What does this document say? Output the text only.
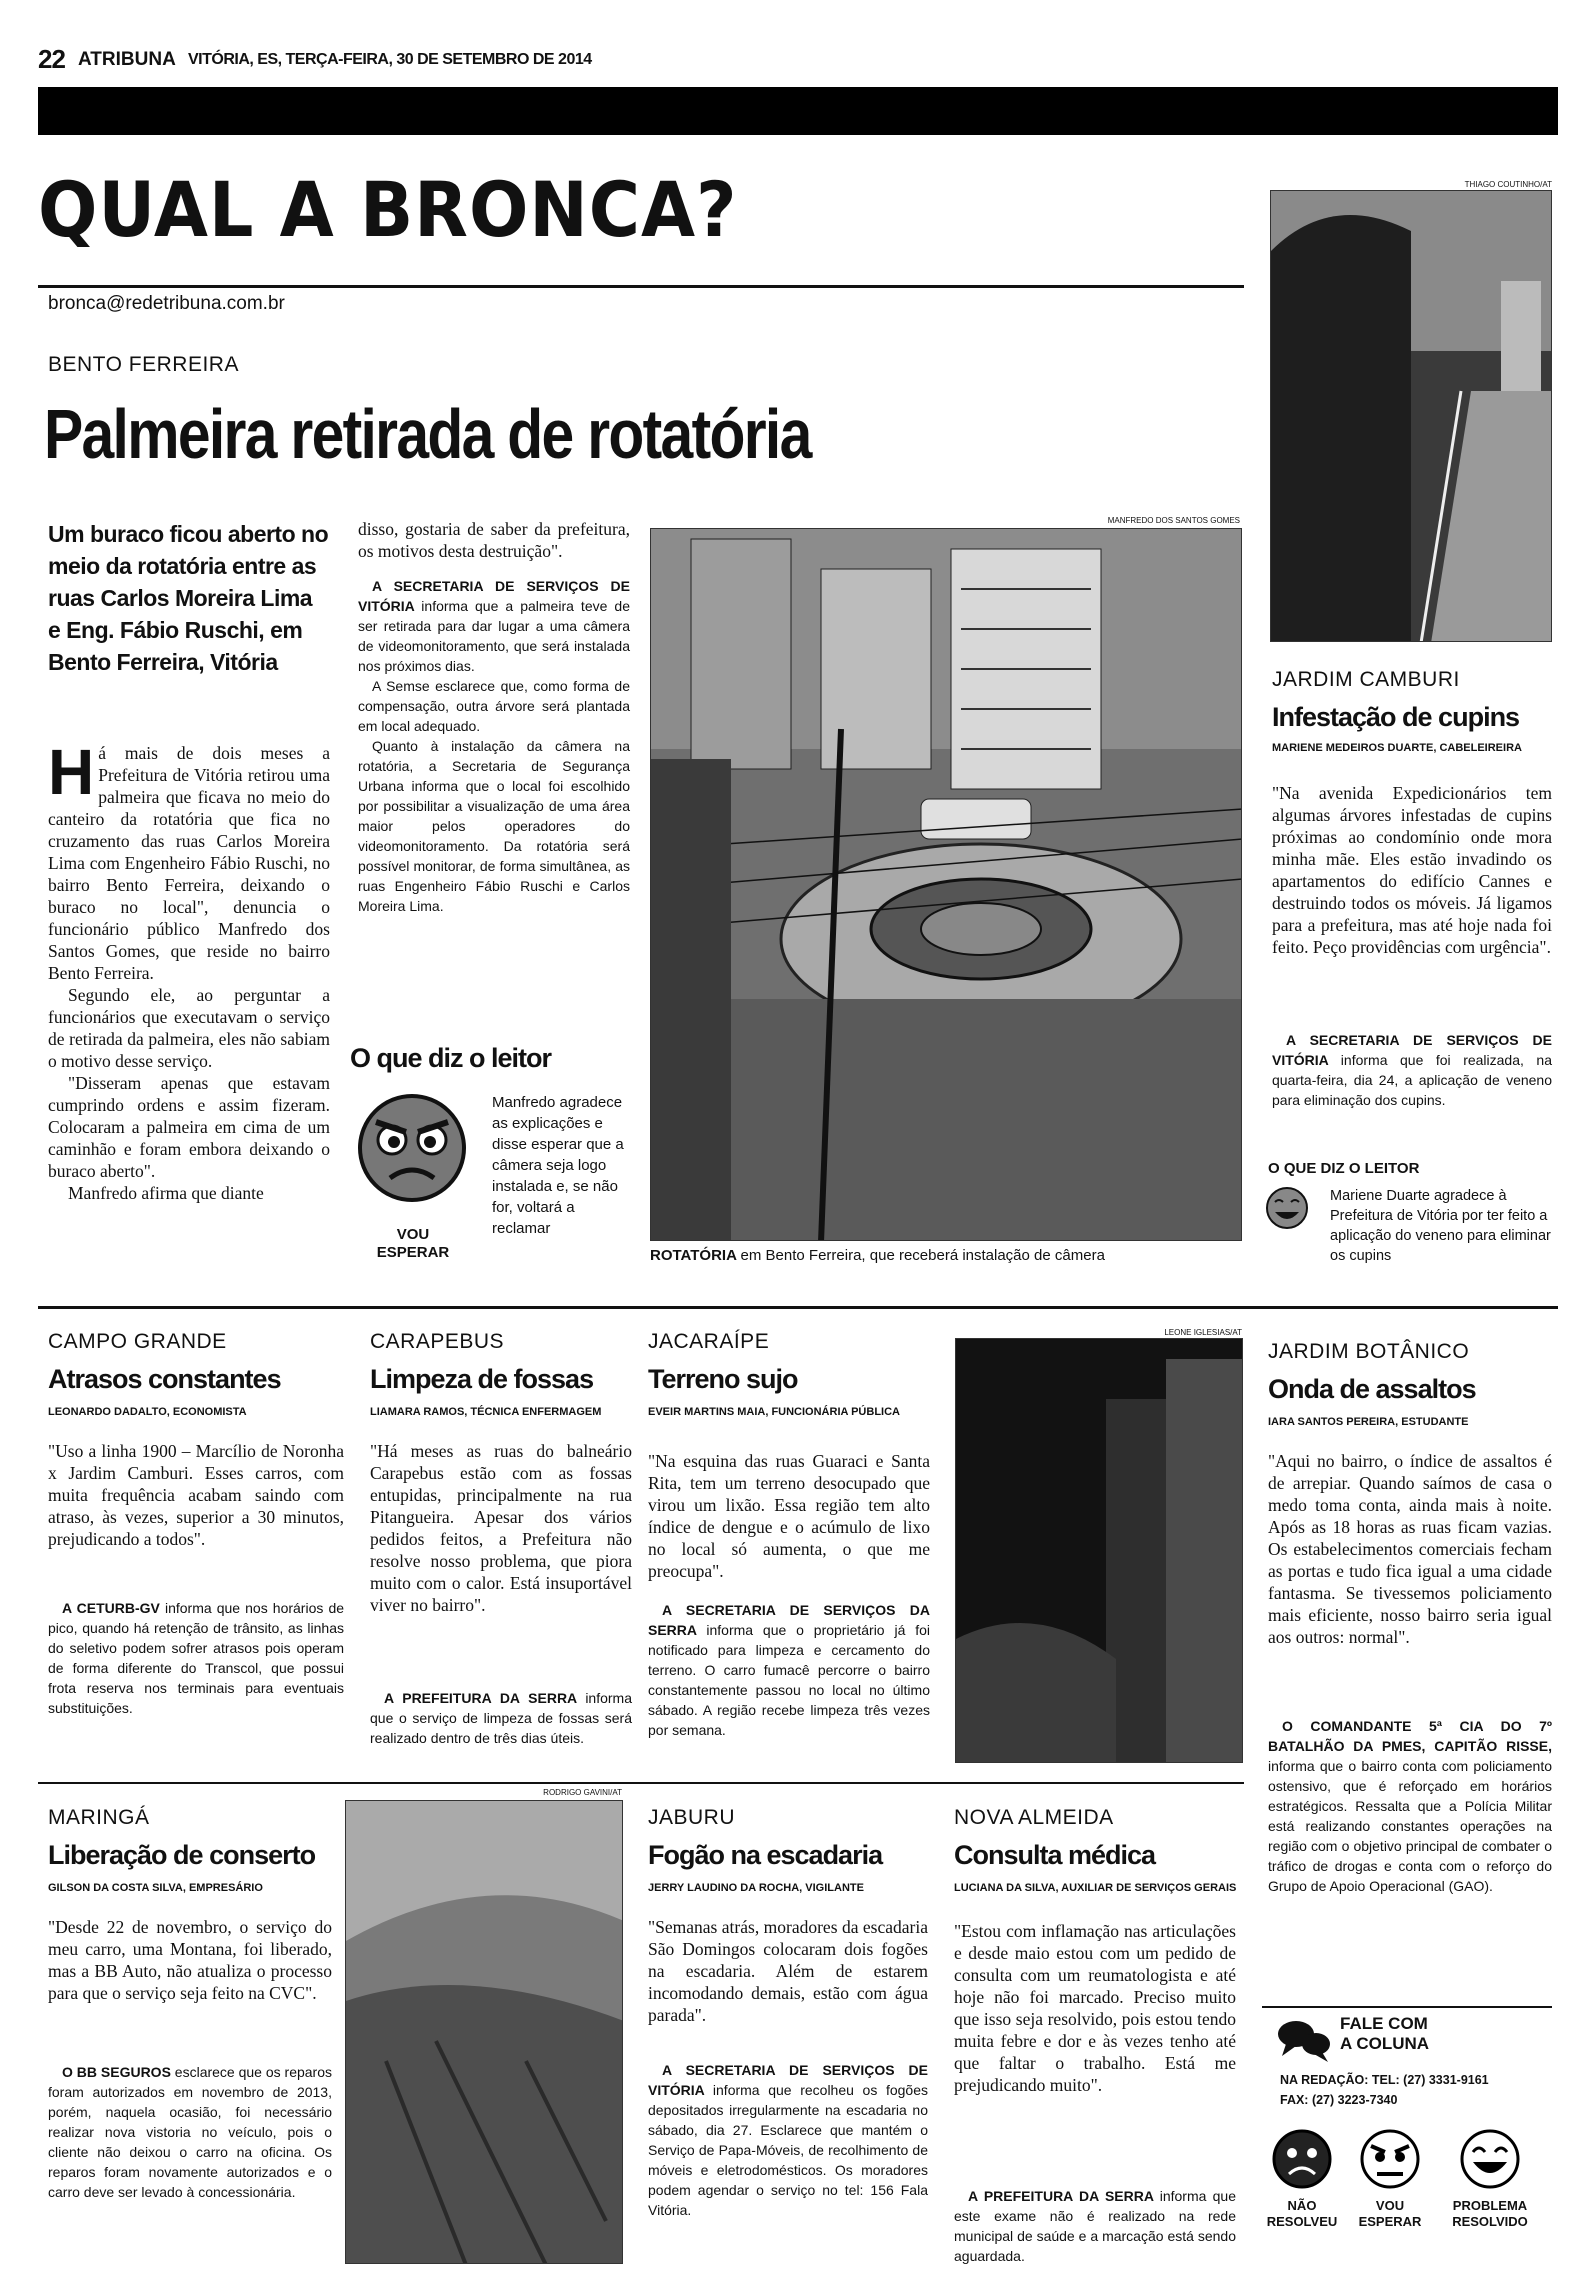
22 ATRIBUNA VITÓRIA, ES, TERÇA-FEIRA, 30 DE SETEMBRO DE 2014
QUAL A BRONCA?
bronca@redetribuna.com.br
BENTO FERREIRA
Palmeira retirada de rotatória
Um buraco ficou aberto no meio da rotatória entre as ruas Carlos Moreira Lima e Eng. Fábio Ruschi, em Bento Ferreira, Vitória

H á mais de dois meses a Prefeitura de Vitória retirou uma palmeira que ficava no meio do canteiro da rotatória que fica no cruzamento das ruas Carlos Moreira Lima com Engenheiro Fábio Ruschi, no bairro Bento Ferreira, deixando o buraco no local", denuncia o funcionário público Manfredo dos Santos Gomes, que reside no bairro Bento Ferreira.

Segundo ele, ao perguntar a funcionários que executavam o serviço de retirada da palmeira, eles não sabiam o motivo desse serviço.

"Disseram apenas que estavam cumprindo ordens e assim fizeram. Colocaram a palmeira em cima de um caminhão e foram embora deixando o buraco aberto".

Manfredo afirma que diante

disso, gostaria de saber da prefeitura, os motivos desta destruição".

A SECRETARIA DE SERVIÇOS DE VITÓRIA informa que a palmeira teve de ser retirada para dar lugar a uma câmera de videomonitoramento, que será instalada nos próximos dias.

A Semse esclarece que, como forma de compensação, outra árvore será plantada em local adequado.

Quanto à instalação da câmera na rotatória, a Secretaria de Segurança Urbana informa que o local foi escolhido por possibilitar a visualização de uma área maior pelos operadores do videomonitoramento. Da rotatória será possível monitorar, de forma simultânea, as ruas Engenheiro Fábio Ruschi e Carlos Moreira Lima.

O que diz o leitor
VOU ESPERAR
Manfredo agradece as explicações e disse esperar que a câmera seja logo instalada e, se não for, voltará a reclamar
MANFREDO DOS SANTOS GOMES
ROTATÓRIA em Bento Ferreira, que receberá instalação de câmera
THIAGO COUTINHO/AT
JARDIM CAMBURI
Infestação de cupins
MARIENE MEDEIROS DUARTE, CABELEIREIRA
"Na avenida Expedicionários tem algumas árvores infestadas de cupins próximas ao condomínio onde mora minha mãe. Eles estão invadindo os apartamentos do edifício Cannes e destruindo todos os móveis. Já ligamos para a prefeitura, mas até hoje nada foi feito. Peço providências com urgência".
A SECRETARIA DE SERVIÇOS DE VITÓRIA informa que foi realizada, na quarta-feira, dia 24, a aplicação de veneno para eliminação dos cupins.
O QUE DIZ O LEITOR
Mariene Duarte agradece à Prefeitura de Vitória por ter feito a aplicação do veneno para eliminar os cupins
CAMPO GRANDE
Atrasos constantes
LEONARDO DADALTO, ECONOMISTA
"Uso a linha 1900 – Marcílio de Noronha x Jardim Camburi. Esses carros, com muita frequência acabam saindo com atraso, às vezes, superior a 30 minutos, prejudicando a todos".
A CETURB-GV informa que nos horários de pico, quando há retenção de trânsito, as linhas do seletivo podem sofrer atrasos pois operam de forma diferente do Transcol, que possui frota reserva nos terminais para eventuais substituições.
CARAPEBUS
Limpeza de fossas
LIAMARA RAMOS, TÉCNICA ENFERMAGEM
"Há meses as ruas do balneário Carapebus estão com as fossas entupidas, principalmente na rua Pitangueira. Apesar dos vários pedidos feitos, a Prefeitura não resolve nosso problema, que piora muito com o calor. Está insuportável viver no bairro".
A PREFEITURA DA SERRA informa que o serviço de limpeza de fossas será realizado dentro de três dias úteis.
JACARAÍPE
Terreno sujo
EVEIR MARTINS MAIA, FUNCIONÁRIA PÚBLICA
"Na esquina das ruas Guaraci e Santa Rita, tem um terreno desocupado que virou um lixão. Essa região tem alto índice de dengue e o acúmulo de lixo no local só aumenta, o que me preocupa".
A SECRETARIA DE SERVIÇOS DA SERRA informa que o proprietário já foi notificado para limpeza e cercamento do terreno. O carro fumacê percorre o bairro constantemente passou no local no último sábado. A região recebe limpeza três vezes por semana.
LEONE IGLESIAS/AT
JARDIM BOTÂNICO
Onda de assaltos
IARA SANTOS PEREIRA, ESTUDANTE
"Aqui no bairro, o índice de assaltos é de arrepiar. Quando saímos de casa o medo toma conta, ainda mais à noite. Após as 18 horas as ruas ficam vazias. Os estabelecimentos comerciais fecham as portas e tudo fica igual a uma cidade fantasma. Se tivessemos policiamento mais eficiente, nosso bairro seria igual aos outros: normal".
O COMANDANTE 5ª CIA DO 7º BATALHÃO DA PMES, CAPITÃO RISSE, informa que o bairro conta com policiamento ostensivo, que é reforçado em horários estratégicos. Ressalta que a Polícia Militar está realizando constantes operações na região com o objetivo principal de combater o tráfico de drogas e conta com o reforço do Grupo de Apoio Operacional (GAO).
MARINGÁ
Liberação de conserto
GILSON DA COSTA SILVA, EMPRESÁRIO
"Desde 22 de novembro, o serviço do meu carro, uma Montana, foi liberado, mas a BB Auto, não atualiza o processo para que o serviço seja feito na CVC".
O BB SEGUROS esclarece que os reparos foram autorizados em novembro de 2013, porém, naquela ocasião, foi necessário realizar nova vistoria no veículo, pois o cliente não deixou o carro na oficina. Os reparos foram novamente autorizados e o carro deve ser levado à concessionária.
RODRIGO GAVINI/AT
JABURU
Fogão na escadaria
JERRY LAUDINO DA ROCHA, VIGILANTE
"Semanas atrás, moradores da escadaria São Domingos colocaram dois fogões na escadaria. Além de estarem incomodando demais, estão com água parada".
A SECRETARIA DE SERVIÇOS DE VITÓRIA informa que recolheu os fogões depositados irregularmente na escadaria no sábado, dia 27. Esclarece que mantém o Serviço de Papa-Móveis, de recolhimento de móveis e eletrodomésticos. Os moradores podem agendar o serviço no tel: 156 Fala Vitória.
NOVA ALMEIDA
Consulta médica
LUCIANA DA SILVA, AUXILIAR DE SERVIÇOS GERAIS
"Estou com inflamação nas articulações e desde maio estou com um pedido de consulta com um reumatologista e até hoje não foi marcado. Preciso muito que isso seja resolvido, pois estou tendo muita febre e dor e às vezes tenho até que faltar o trabalho. Está me prejudicando muito".
A PREFEITURA DA SERRA informa que este exame não é realizado na rede municipal de saúde e a marcação está sendo aguardada.
FALE COM A COLUNA
NA REDAÇÃO: TEL: (27) 3331-9161
FAX: (27) 3223-7340
NÃO RESOLVEU
VOU ESPERAR
PROBLEMA RESOLVIDO
